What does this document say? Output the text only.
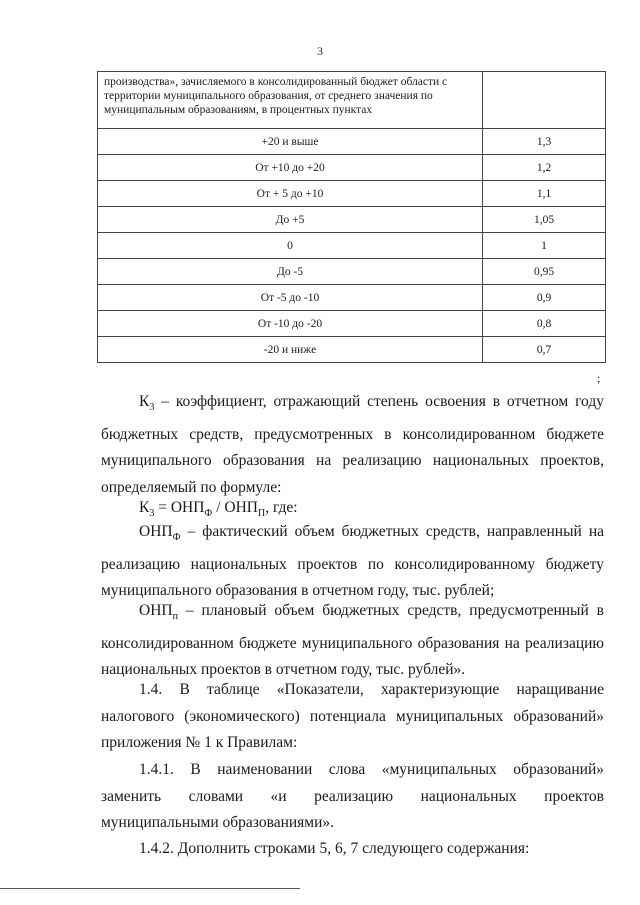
3
производства», зачисляемого в консолидированный бюджет области с территории муниципального образования, от среднего значения по муниципальным образованиям, в процентных пунктах	
+20 и выше	1,3
От +10 до +20	1,2
От + 5 до +10	1,1
До +5	1,05
0	1
До -5	0,95
От -5 до -10	0,9
От -10 до -20	0,8
-20 и ниже	0,7
;
$К_3$ – коэффициент, отражающий степень освоения в отчетном году бюджетных средств, предусмотренных в консолидированном бюджете муниципального образования на реализацию национальных проектов, определяемый по формуле:
$К_3 = ОНП_Ф / ОНП_П$, где:
$ОНП_Ф$ – фактический объем бюджетных средств, направленный на реализацию национальных проектов по консолидированному бюджету муниципального образования в отчетном году, тыс. рублей;
$ОНП_п$ – плановый объем бюджетных средств, предусмотренный в консолидированном бюджете муниципального образования на реализацию национальных проектов в отчетном году, тыс. рублей».
1.4. В таблице «Показатели, характеризующие наращивание налогового (экономического) потенциала муниципальных образований» приложения № 1 к Правилам:
1.4.1. В наименовании слова «муниципальных образований» заменить словами «и реализацию национальных проектов муниципальными образованиями».
1.4.2. Дополнить строками 5, 6, 7 следующего содержания:
